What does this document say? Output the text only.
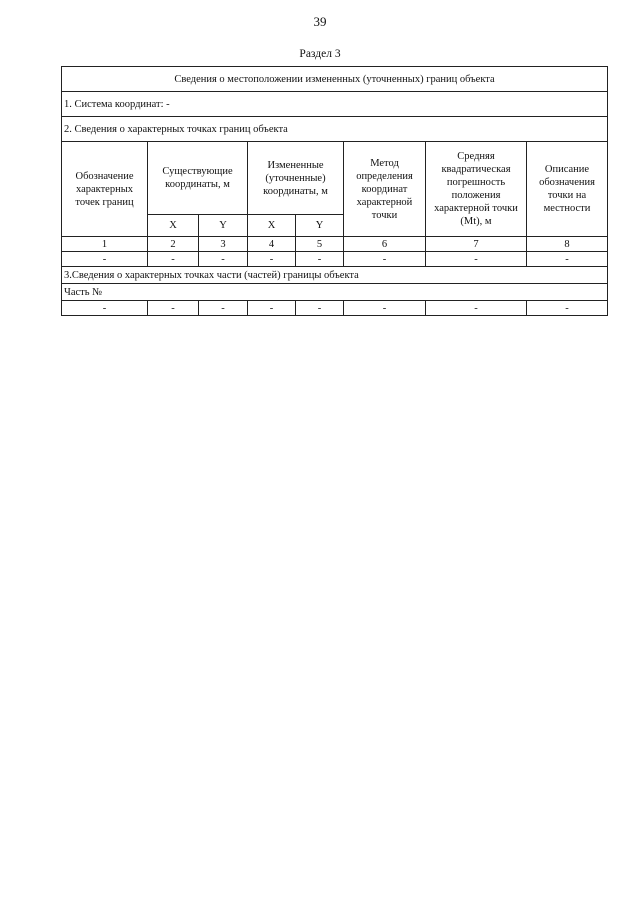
39
Раздел 3
Сведения о местоположении измененных (уточненных) границ объекта							
1. Система координат: -							
2. Сведения о характерных точках границ объекта							
Обозначение характерных точек границ	Существующие координаты, м		Измененные (уточненные) координаты, м		Метод определения координат характерной точки	Средняя квадратическая погрешность положения характерной точки (Mt), м	Описание обозначения точки на местности
	X	Y	X	Y			
1	2	3	4	5	6	7	8
-	-	-	-	-	-	-	-
3.Сведения о характерных точках части (частей) границы объекта							
Часть №							
-	-	-	-	-	-	-	-
